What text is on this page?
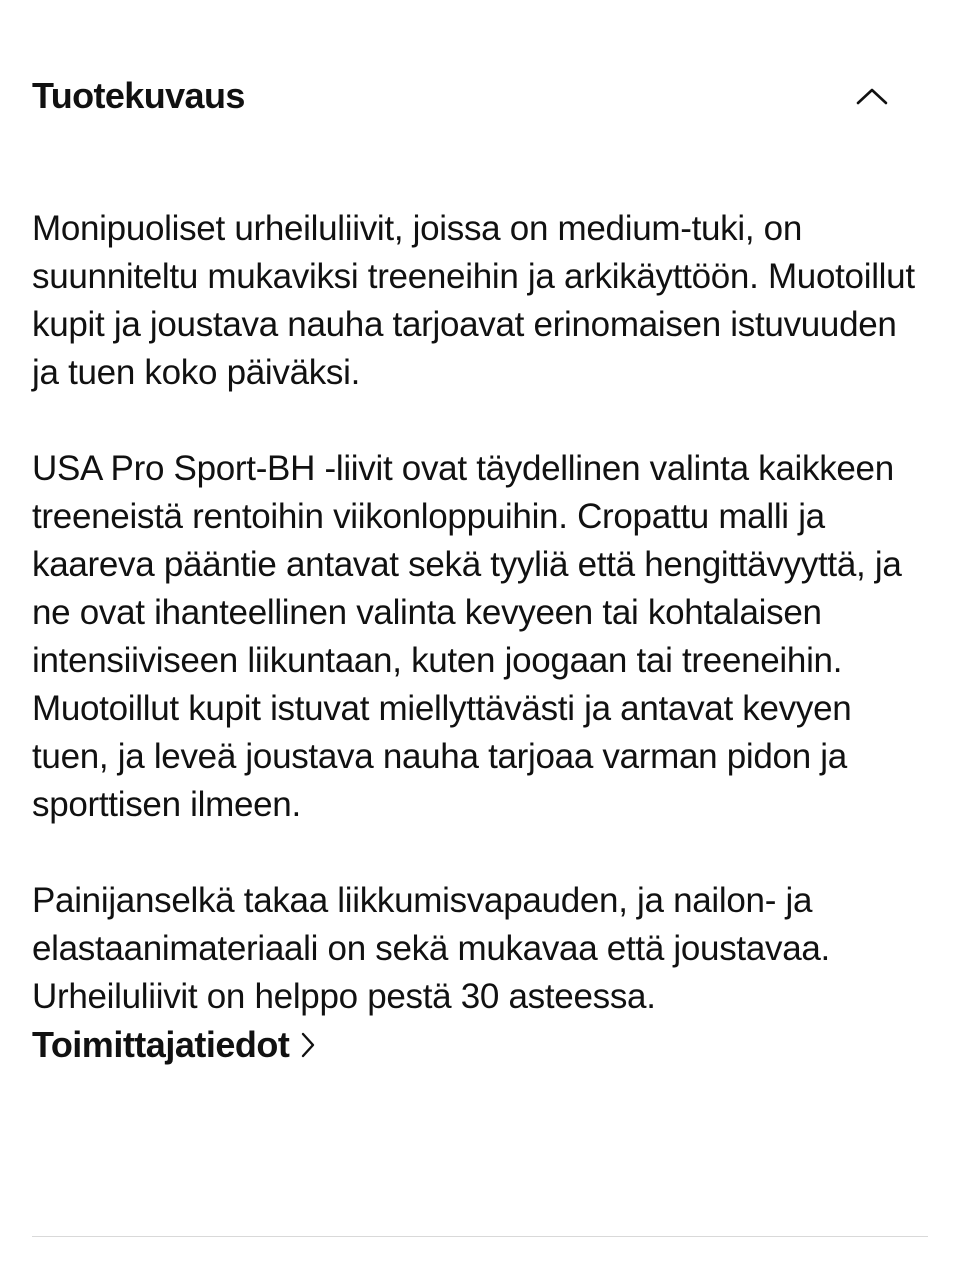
Tuotekuvaus

Monipuoliset urheiluliivit, joissa on medium-tuki, on suunniteltu mukaviksi treeneihin ja arkikäyttöön. Muotoillut kupit ja joustava nauha tarjoavat erinomaisen istuvuuden ja tuen koko päiväksi.

USA Pro Sport-BH -liivit ovat täydellinen valinta kaikkeen treeneistä rentoihin viikonloppuihin. Cropattu malli ja kaareva pääntie antavat sekä tyyliä että hengittävyyttä, ja ne ovat ihanteellinen valinta kevyeen tai kohtalaisen intensiiviseen liikuntaan, kuten joogaan tai treeneihin. Muotoillut kupit istuvat miellyttävästi ja antavat kevyen tuen, ja leveä joustava nauha tarjoaa varman pidon ja sporttisen ilmeen.

Painijanselkä takaa liikkumisvapauden, ja nailon- ja elastaanimateriaali on sekä mukavaa että joustavaa. Urheiluliivit on helppo pestä 30 asteessa.

Toimittajatiedot
